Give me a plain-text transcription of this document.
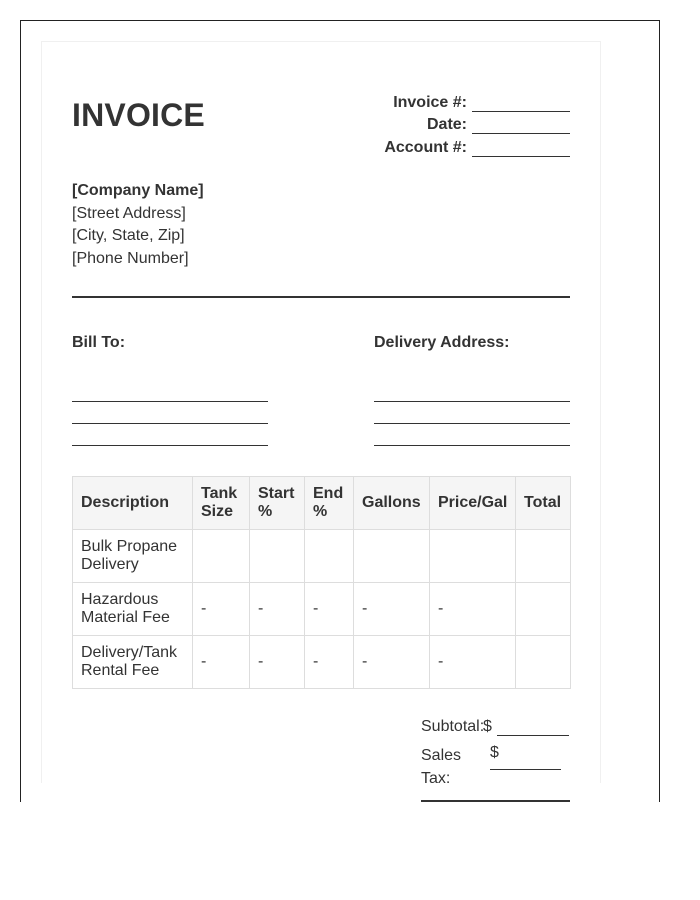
INVOICE	Invoice #:
Date:
Account #:
[Company Name]
[Street Address]
[City, State, Zip]
[Phone Number]
Bill To:	Delivery Address:
Description	Tank Size	Start %	End %	Gallons	Price/Gal	Total
Bulk Propane Delivery						
Hazardous Material Fee	-	-	-	-	-	
Delivery/Tank Rental Fee	-	-	-	-	-	
Subtotal:
$
Sales Tax:
$
